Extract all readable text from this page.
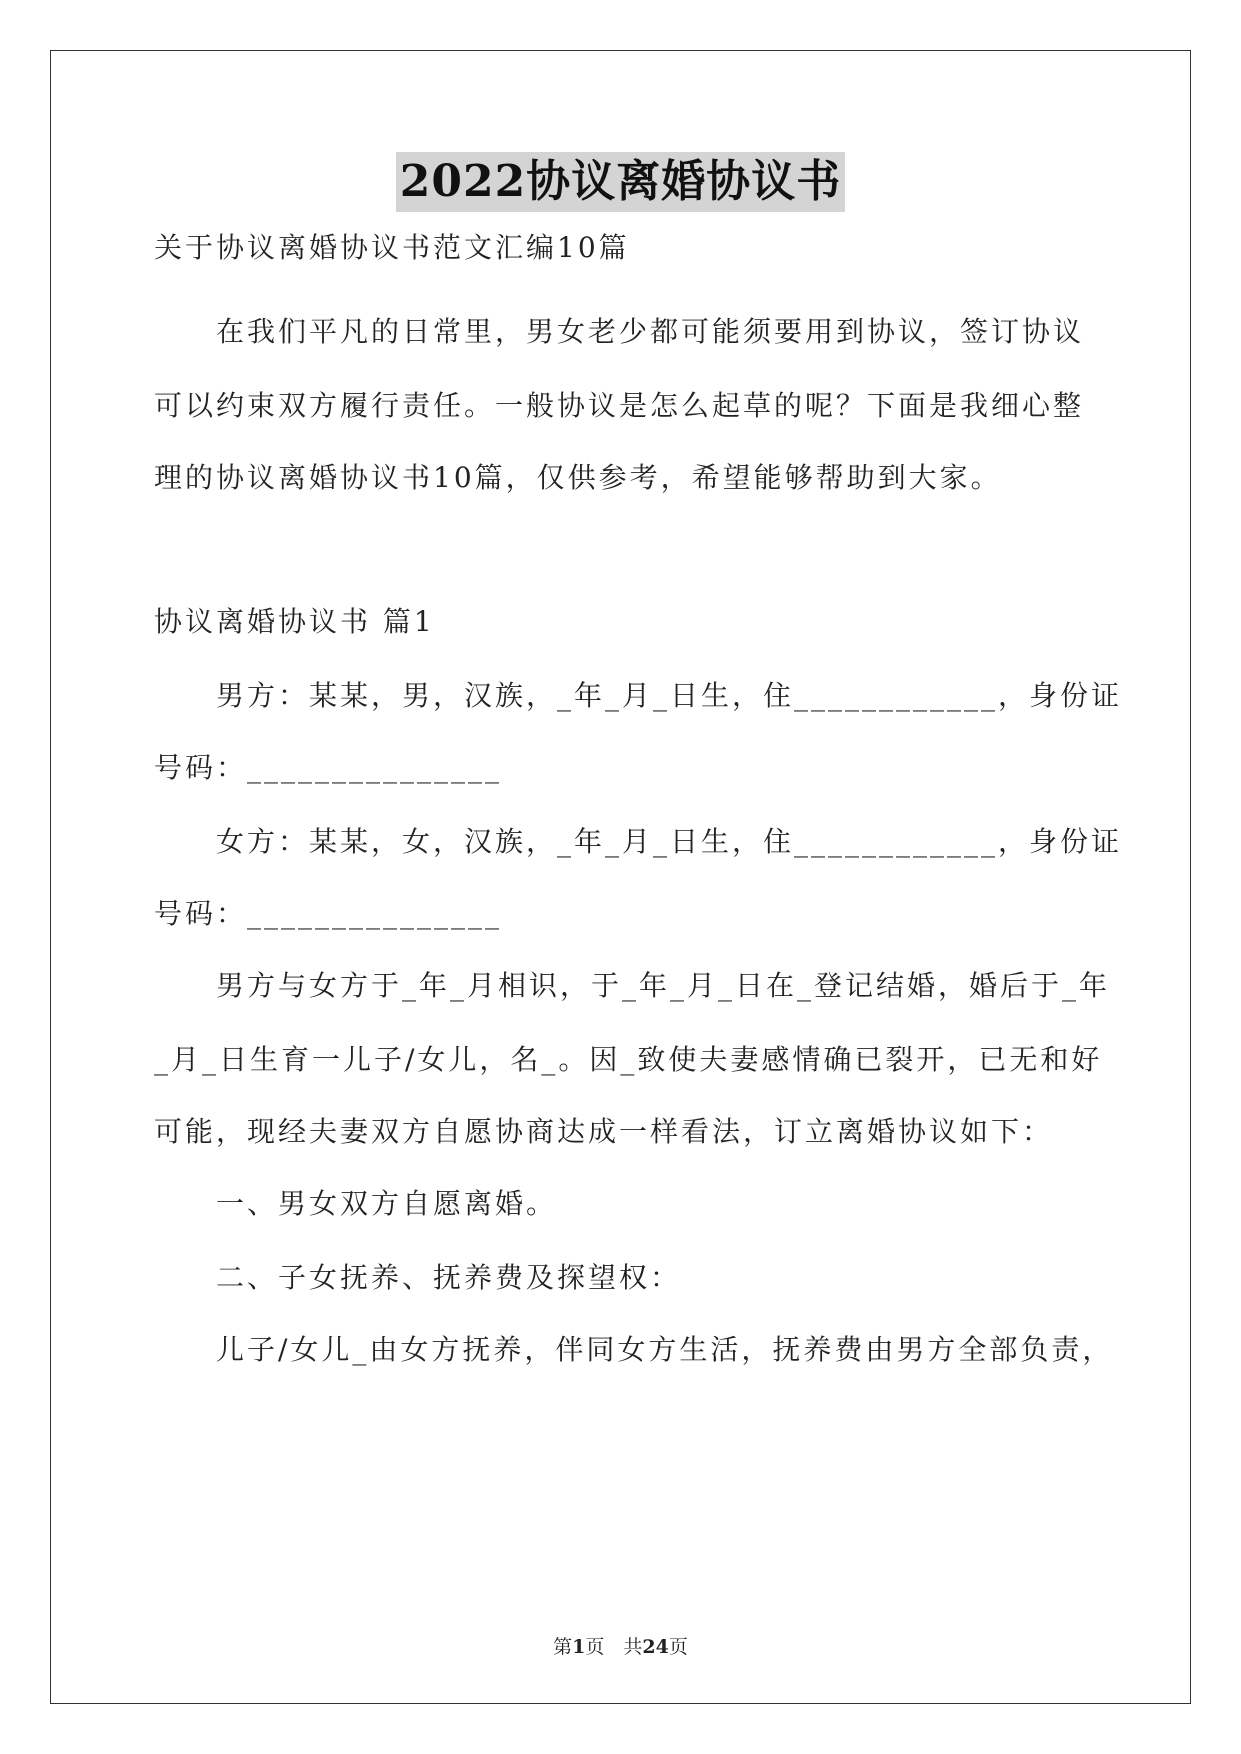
2022协议离婚协议书
关于协议离婚协议书范文汇编10篇
在我们平凡的日常里，男女老少都可能须要用到协议，签订协议
可以约束双方履行责任。一般协议是怎么起草的呢？下面是我细心整
理的协议离婚协议书10篇，仅供参考，希望能够帮助到大家。
协议离婚协议书 篇1
男方：某某，男，汉族，_年_月_日生，住____________，身份证
号码：_______________
女方：某某，女，汉族，_年_月_日生，住____________，身份证
号码：_______________
男方与女方于_年_月相识，于_年_月_日在_登记结婚，婚后于_年
_月_日生育一儿子/女儿，名_。因_致使夫妻感情确已裂开，已无和好
可能，现经夫妻双方自愿协商达成一样看法，订立离婚协议如下：
一、男女双方自愿离婚。
二、子女抚养、抚养费及探望权：
儿子/女儿_由女方抚养，伴同女方生活，抚养费由男方全部负责，
第1页　共24页
